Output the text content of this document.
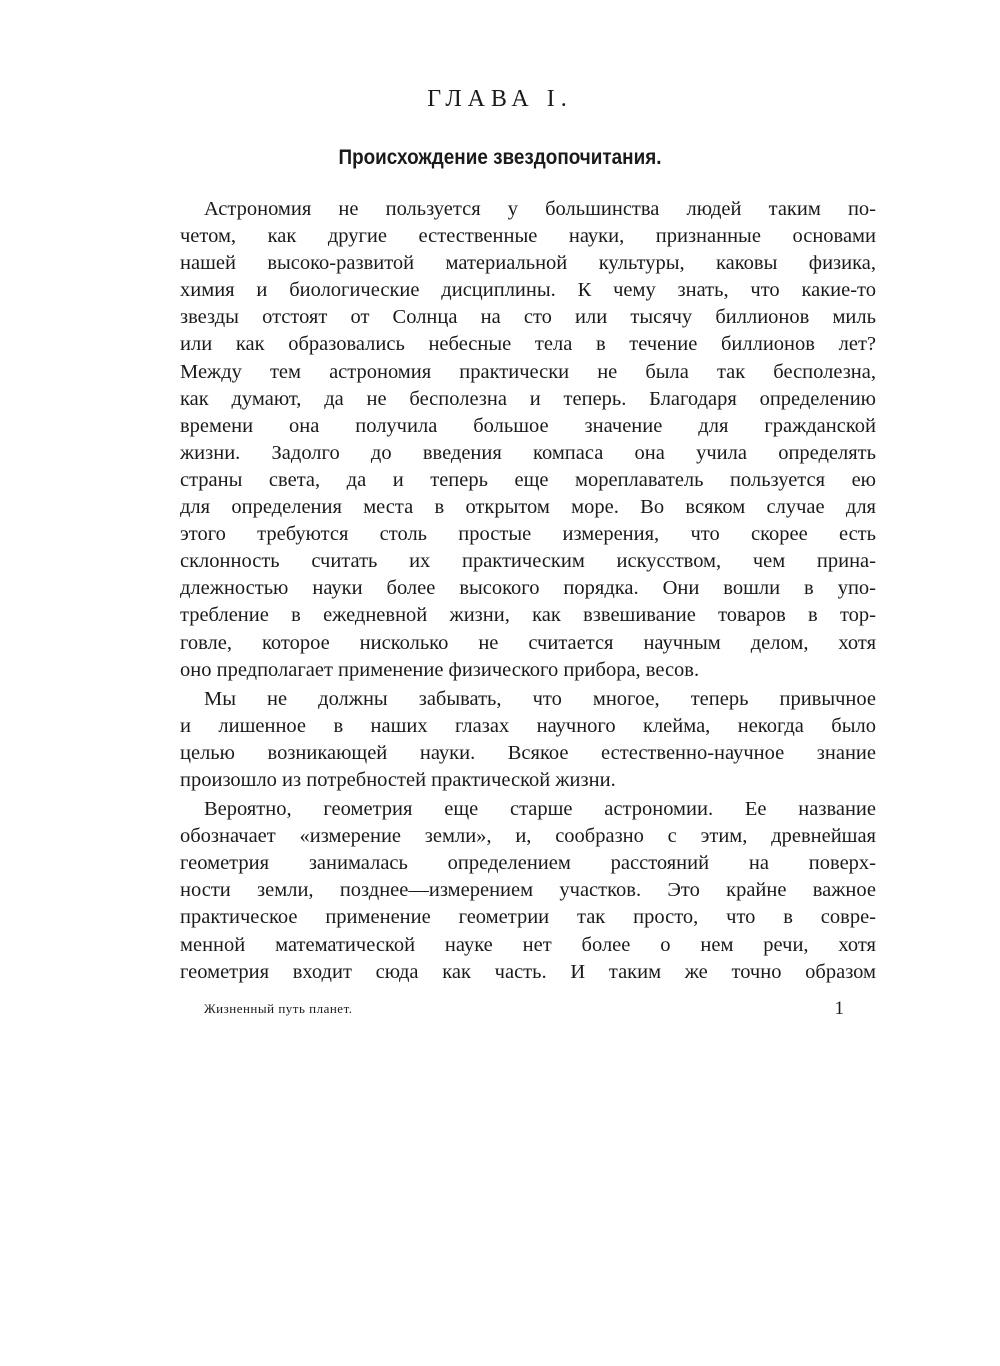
ГЛАВА I.
Происхождение звездопочитания.
Астрономия не пользуется у большинства людей таким по-
четом, как другие естественные науки, признанные основами
нашей высоко-развитой материальной культуры, каковы физика,
химия и биологические дисциплины. К чему знать, что какие-то
звезды отстоят от Солнца на сто или тысячу биллионов миль
или как образовались небесные тела в течение биллионов лет?
Между тем астрономия практически не была так бесполезна,
как думают, да не бесполезна и теперь. Благодаря определению
времени она получила большое значение для гражданской
жизни. Задолго до введения компаса она учила определять
страны света, да и теперь еще мореплаватель пользуется ею
для определения места в открытом море. Во всяком случае для
этого требуются столь простые измерения, что скорее есть
склонность считать их практическим искусством, чем прина-
длежностью науки более высокого порядка. Они вошли в упо-
требление в ежедневной жизни, как взвешивание товаров в тор-
говле, которое нисколько не считается научным делом, хотя
оно предполагает применение физического прибора, весов.
Мы не должны забывать, что многое, теперь привычное
и лишенное в наших глазах научного клейма, некогда было
целью возникающей науки. Всякое естественно-научное знание
произошло из потребностей практической жизни.
Вероятно, геометрия еще старше астрономии. Ее название
обозначает «измерение земли», и, сообразно с этим, древнейшая
геометрия занималась определением расстояний на поверх-
ности земли, позднее—измерением участков. Это крайне важное
практическое применение геометрии так просто, что в совре-
менной математической науке нет более о нем речи, хотя
геометрия входит сюда как часть. И таким же точно образом
Жизненный путь планет.	1
